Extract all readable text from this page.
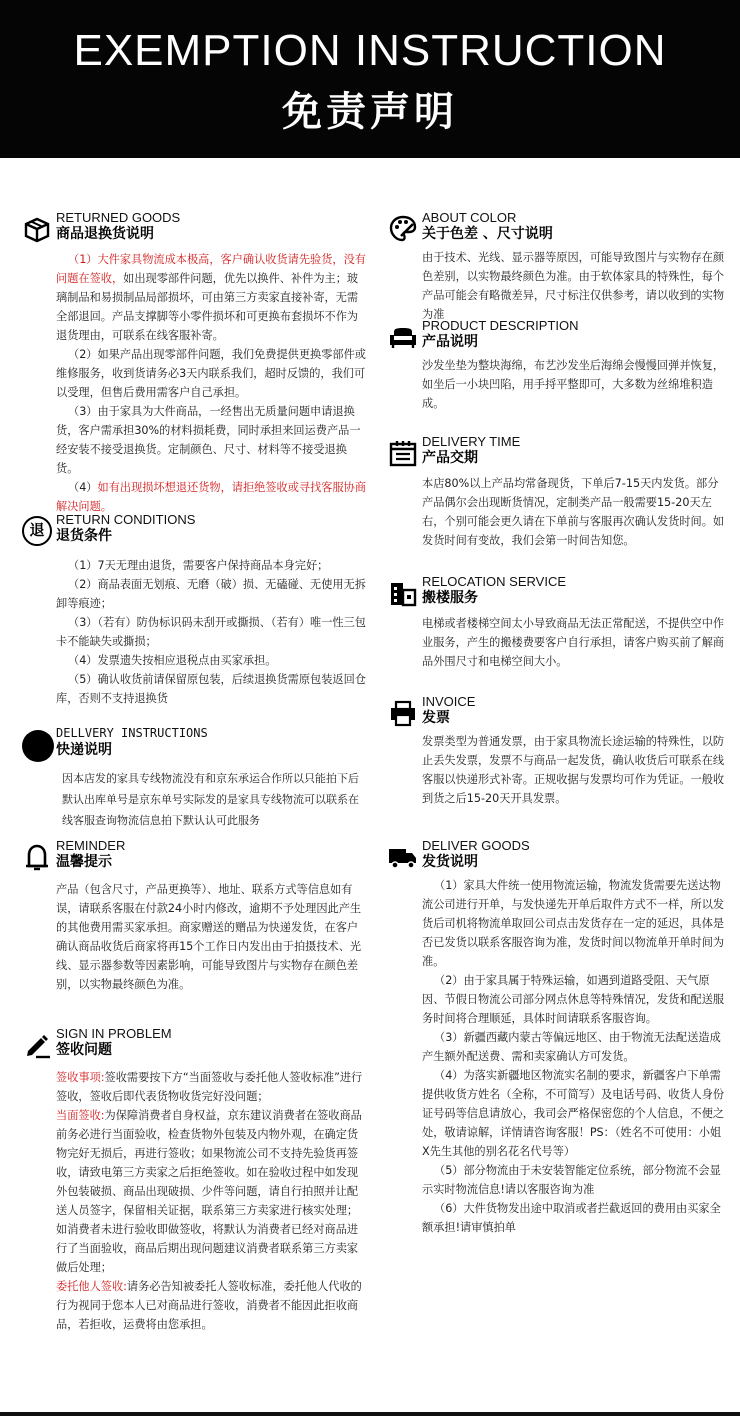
EXEMPTION INSTRUCTION
免责声明
RETURNED GOODS
商品退换货说明

（1）大件家具物流成本极高，客户确认收货请先验货，没有问题在签收，如出现零部件问题，优先以换件、补件为主；玻璃制品和易损制品局部损坏，可由第三方卖家直接补寄，无需全部退回。产品支撑脚等小零件损坏和可更换布套损坏不作为退货理由，可联系在线客服补寄。

（2）如果产品出现零部件问题，我们免费提供更换零部件或维修服务，收到货请务必3天内联系我们，超时反馈的，我们可以受理，但售后费用需客户自己承担。

（3）由于家具为大件商品，一经售出无质量问题申请退换货，客户需承担30%的材料损耗费，同时承担来回运费产品一经安装不接受退换货。定制颜色、尺寸、材料等不接受退换货。

（4）如有出现损坏想退还货物，请拒绝签收或寻找客服协商解决问题。

退
RETURN CONDITIONS
退货条件

（1）7天无理由退货，需要客户保持商品本身完好；

（2）商品表面无划痕、无磨（破）损、无磕碰、无使用无拆卸等痕迹；

（3）（若有）防伪标识码未刮开或撕损、（若有）唯一性三包卡不能缺失或撕损；

（4）发票遗失按相应退税点由买家承担。

（5）确认收货前请保留原包装，后续退换货需原包装返回仓库，否则不支持退换货

DELLVERY INSTRUCTIONS
快递说明
因本店发的家具专线物流没有和京东承运合作所以只能拍下后默认出库单号是京东单号实际发的是家具专线物流可以联系在线客服查询物流信息拍下默认认可此服务
REMINDER
温馨提示
产品（包含尺寸，产品更换等）、地址、联系方式等信息如有误，请联系客服在付款24小时内修改，逾期不予处理因此产生的其他费用需买家承担。商家赠送的赠品为快递发货，在客户确认商品收货后商家将再15个工作日内发出由于拍摄技术、光线、显示器参数等因素影响，可能导致图片与实物存在颜色差别，以实物最终颜色为准。
SIGN IN PROBLEM
签收问题

签收事项:签收需要按下方“当面签收与委托他人签收标准”进行签收，签收后即代表货物收货完好没问题；

当面签收:为保障消费者自身权益，京东建议消费者在签收商品前务必进行当面验收，检查货物外包装及内物外观，在确定货物完好无损后，再进行签收；如果物流公司不支持先验货再签收，请致电第三方卖家之后拒绝签收。如在验收过程中如发现外包装破损、商品出现破损、少件等问题，请自行拍照并让配送人员签字，保留相关证据，联系第三方卖家进行核实处理；如消费者未进行验收即做签收，将默认为消费者已经对商品进行了当面验收，商品后期出现问题建议消费者联系第三方卖家做后处理；

委托他人签收:请务必告知被委托人签收标准，委托他人代收的行为视同于您本人已对商品进行签收，消费者不能因此拒收商品，若拒收，运费将由您承担。

ABOUT COLOR
关于色差 、尺寸说明
由于技术、光线、显示器等原因，可能导致图片与实物存在颜色差别，以实物最终颜色为准。由于软体家具的特殊性，每个产品可能会有略微差异，尺寸标注仅供参考，请以收到的实物为准
PRODUCT DESCRIPTION
产品说明
沙发坐垫为整块海绵，布艺沙发坐后海绵会慢慢回弹并恢复，如坐后一小块凹陷，用手捋平整即可，大多数为丝绵堆积造成。
DELIVERY TIME
产品交期
本店80%以上产品均常备现货，下单后7-15天内发货。部分产品偶尔会出现断货情况，定制类产品一般需要15-20天左右，个别可能会更久请在下单前与客服再次确认发货时间。如发货时间有变故，我们会第一时间告知您。
RELOCATION SERVICE
搬楼服务
电梯或者楼梯空间太小导致商品无法正常配送，不提供空中作业服务，产生的搬楼费要客户自行承担，请客户购买前了解商品外围尺寸和电梯空间大小。
INVOICE
发票
发票类型为普通发票，由于家具物流长途运输的特殊性，以防止丢失发票，发票不与商品一起发货，确认收货后可联系在线客服以快递形式补寄。正规收据与发票均可作为凭证。一般收到货之后15-20天开具发票。
DELIVER GOODS
发货说明

（1）家具大件统一使用物流运输，物流发货需要先送达物流公司进行开单，与发快递先开单后取件方式不一样，所以发货后司机将物流单取回公司点击发货存在一定的延迟，具体是否已发货以联系客服咨询为准，发货时间以物流单开单时间为准。

（2）由于家具属于特殊运输，如遇到道路受阻、天气原因、节假日物流公司部分网点休息等特殊情况，发货和配送服务时间将合理顺延，具体时间请联系客服咨询。

（3）新疆西藏内蒙古等偏远地区、由于物流无法配送造成产生额外配送费、需和卖家确认方可发货。

（4）为落实新疆地区物流实名制的要求，新疆客户下单需提供收货方姓名（全称，不可简写）及电话号码、收货人身份证号码等信息请放心，我司会严格保密您的个人信息，不便之处，敬请谅解，详情请咨询客服！PS：（姓名不可使用：小姐X先生其他的别名花名代号等）

（5）部分物流由于未安装智能定位系统，部分物流不会显示实时物流信息!请以客服咨询为准

（6）大件货物发出途中取消或者拦截返回的费用由买家全额承担!请审慎拍单
